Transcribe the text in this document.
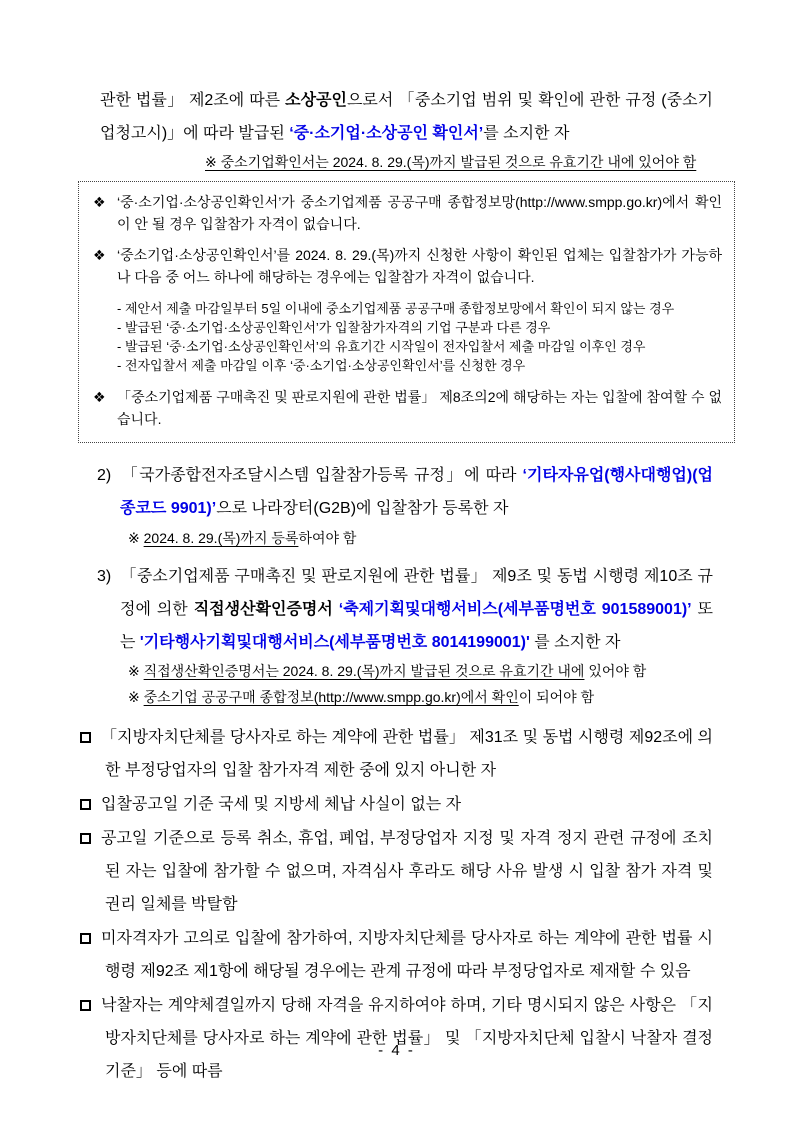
관한 법률」 제2조에 따른 소상공인으로서 「중소기업 범위 및 확인에 관한 규정 (중소기업청고시)」에 따라 발급된 ‘중·소기업·소상공인 확인서’를 소지한 자

※ 중소기업확인서는 2024. 8. 29.(목)까지 발급된 것으로 유효기간 내에 있어야 함

❖ ‘중·소기업·소상공인확인서’가 중소기업제품 공공구매 종합정보망(http://www.smpp.go.kr)에서 확인이 안 될 경우 입찰참가 자격이 없습니다.

❖ ‘중소기업·소상공인확인서’를 2024. 8. 29.(목)까지 신청한 사항이 확인된 업체는 입찰참가가 가능하나 다음 중 어느 하나에 해당하는 경우에는 입찰참가 자격이 없습니다.

- 제안서 제출 마감일부터 5일 이내에 중소기업제품 공공구매 종합정보망에서 확인이 되지 않는 경우

- 발급된 ‘중·소기업·소상공인확인서’가 입찰참가자격의 기업 구분과 다른 경우

- 발급된 ‘중·소기업·소상공인확인서’의 유효기간 시작일이 전자입찰서 제출 마감일 이후인 경우

- 전자입찰서 제출 마감일 이후 ‘중·소기업·소상공인확인서’를 신청한 경우

❖ 「중소기업제품 구매촉진 및 판로지원에 관한 법률」 제8조의2에 해당하는 자는 입찰에 참여할 수 없습니다.

2) 「국가종합전자조달시스템 입찰참가등록 규정」에 따라 ‘기타자유업(행사대행업)(업종코드 9901)’으로 나라장터(G2B)에 입찰참가 등록한 자

※ 2024. 8. 29.(목)까지 등록하여야 함

3) 「중소기업제품 구매촉진 및 판로지원에 관한 법률」 제9조 및 동법 시행령 제10조 규정에 의한 직접생산확인증명서 ‘축제기획및대행서비스(세부품명번호 901589001)’ 또는 '기타행사기획및대행서비스(세부품명번호 8014199001)' 를 소지한 자

※ 직접생산확인증명서는 2024. 8. 29.(목)까지 발급된 것으로 유효기간 내에 있어야 함

※ 중소기업 공공구매 종합정보(http://www.smpp.go.kr)에서 확인이 되어야 함

「지방자치단체를 당사자로 하는 계약에 관한 법률」 제31조 및 동법 시행령 제92조에 의한 부정당업자의 입찰 참가자격 제한 중에 있지 아니한 자

입찰공고일 기준 국세 및 지방세 체납 사실이 없는 자

공고일 기준으로 등록 취소, 휴업, 폐업, 부정당업자 지정 및 자격 정지 관련 규정에 조치된 자는 입찰에 참가할 수 없으며, 자격심사 후라도 해당 사유 발생 시 입찰 참가 자격 및 권리 일체를 박탈함

미자격자가 고의로 입찰에 참가하여, 지방자치단체를 당사자로 하는 계약에 관한 법률 시행령 제92조 제1항에 해당될 경우에는 관계 규정에 따라 부정당업자로 제재할 수 있음

낙찰자는 계약체결일까지 당해 자격을 유지하여야 하며, 기타 명시되지 않은 사항은 「지방자치단체를 당사자로 하는 계약에 관한 법률」 및 「지방자치단체 입찰시 낙찰자 결정기준」 등에 따름

- 4 -
